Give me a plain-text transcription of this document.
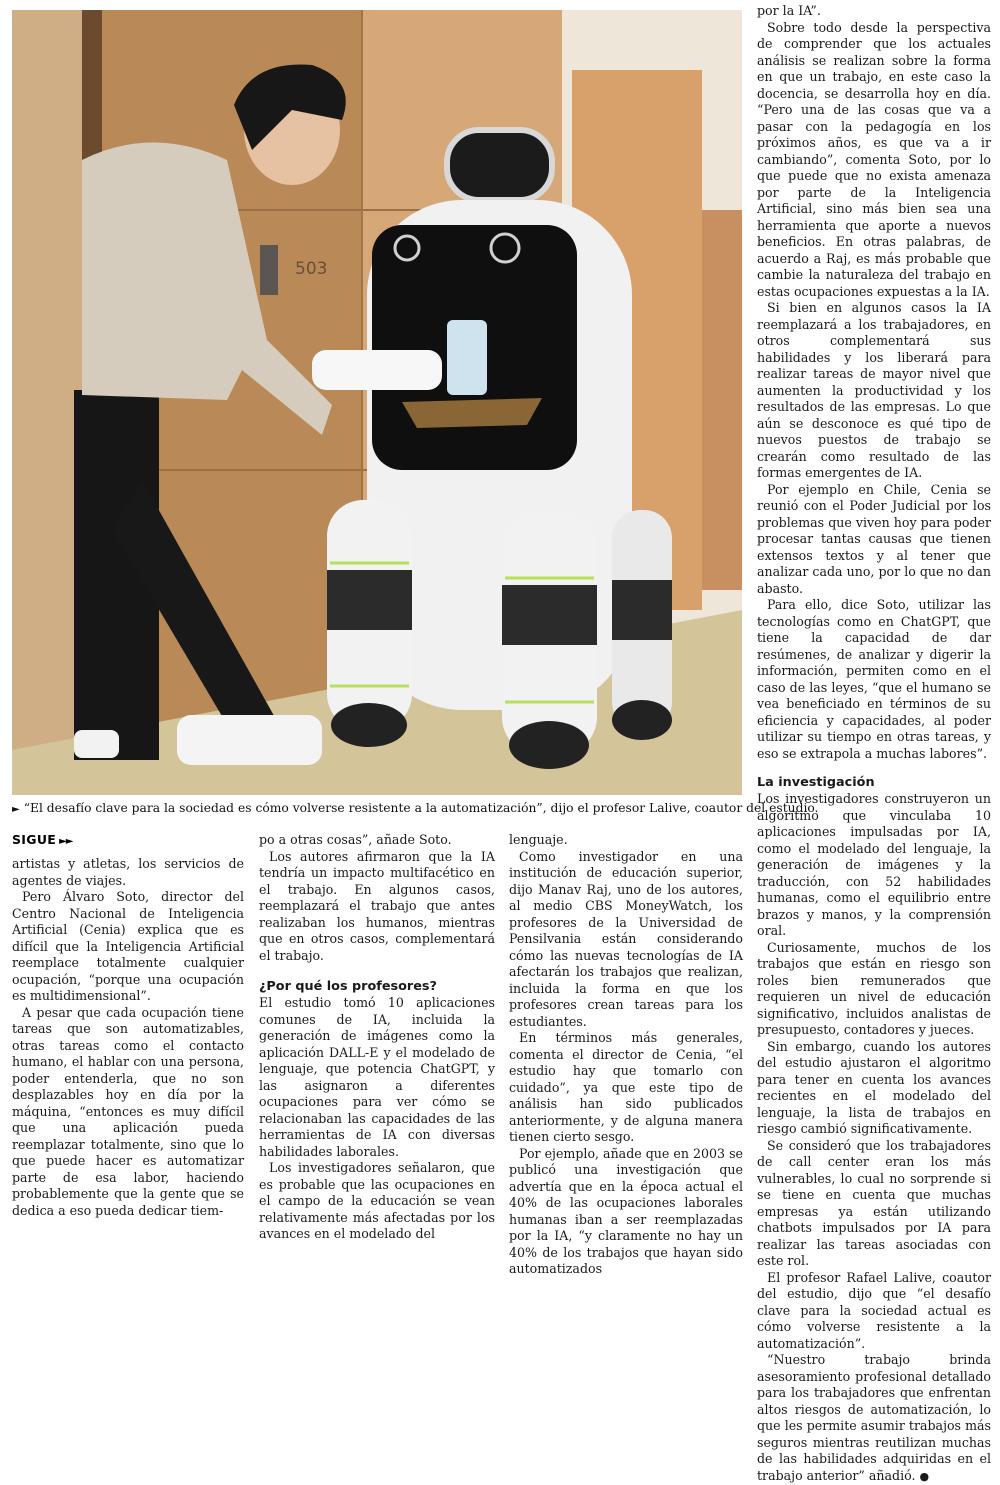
503
► “El desafío clave para la sociedad es cómo volverse resistente a la automatización”, dijo el profesor Lalive, coautor del estudio.
SIGUE ►►

artistas y atletas, los servicios de agentes de viajes.

Pero Álvaro Soto, director del Centro Nacional de Inteligencia Artificial (Cenia) explica que es difícil que la Inteligencia Artificial reemplace totalmente cualquier ocupación, “porque una ocupación es multidimensional”.

A pesar que cada ocupación tiene tareas que son automatizables, otras tareas como el contacto humano, el hablar con una persona, poder entenderla, que no son desplazables hoy en día por la máquina, “entonces es muy difícil que una aplicación pueda reemplazar totalmente, sino que lo que puede hacer es automatizar parte de esa labor, haciendo probablemente que la gente que se dedica a eso pueda dedicar tiem-

po a otras cosas”, añade Soto.

Los autores afirmaron que la IA tendría un impacto multifacético en el trabajo. En algunos casos, reemplazará el trabajo que antes realizaban los humanos, mientras que en otros casos, complementará el trabajo.

¿Por qué los profesores?

El estudio tomó 10 aplicaciones comunes de IA, incluida la generación de imágenes como la aplicación DALL-E y el modelado de lenguaje, que potencia ChatGPT, y las asignaron a diferentes ocupaciones para ver cómo se relacionaban las capacidades de las herramientas de IA con diversas habilidades laborales.

Los investigadores señalaron, que es probable que las ocupaciones en el campo de la educación se vean relativamente más afectadas por los avances en el modelado del

lenguaje.

Como investigador en una institución de educación superior, dijo Manav Raj, uno de los autores, al medio CBS MoneyWatch, los profesores de la Universidad de Pensilvania están considerando cómo las nuevas tecnologías de IA afectarán los trabajos que realizan, incluida la forma en que los profesores crean tareas para los estudiantes.

En términos más generales, comenta el director de Cenia, “el estudio hay que tomarlo con cuidado”, ya que este tipo de análisis han sido publicados anteriormente, y de alguna manera tienen cierto sesgo.

Por ejemplo, añade que en 2003 se publicó una investigación que advertía que en la época actual el 40% de las ocupaciones laborales humanas iban a ser reemplazadas por la IA, “y claramente no hay un 40% de los trabajos que hayan sido automatizados

por la IA”.

Sobre todo desde la perspectiva de comprender que los actuales análisis se realizan sobre la forma en que un trabajo, en este caso la docencia, se desarrolla hoy en día. “Pero una de las cosas que va a pasar con la pedagogía en los próximos años, es que va a ir cambiando”, comenta Soto, por lo que puede que no exista amenaza por parte de la Inteligencia Artificial, sino más bien sea una herramienta que aporte a nuevos beneficios. En otras palabras, de acuerdo a Raj, es más probable que cambie la naturaleza del trabajo en estas ocupaciones expuestas a la IA.

Si bien en algunos casos la IA reemplazará a los trabajadores, en otros complementará sus habilidades y los liberará para realizar tareas de mayor nivel que aumenten la productividad y los resultados de las empresas. Lo que aún se desconoce es qué tipo de nuevos puestos de trabajo se crearán como resultado de las formas emergentes de IA.

Por ejemplo en Chile, Cenia se reunió con el Poder Judicial por los problemas que viven hoy para poder procesar tantas causas que tienen extensos textos y al tener que analizar cada uno, por lo que no dan abasto.

Para ello, dice Soto, utilizar las tecnologías como en ChatGPT, que tiene la capacidad de dar resúmenes, de analizar y digerir la información, permiten como en el caso de las leyes, “que el humano se vea beneficiado en términos de su eficiencia y capacidades, al poder utilizar su tiempo en otras tareas, y eso se extrapola a muchas labores”.

La investigación

Los investigadores construyeron un algoritmo que vinculaba 10 aplicaciones impulsadas por IA, como el modelado del lenguaje, la generación de imágenes y la traducción, con 52 habilidades humanas, como el equilibrio entre brazos y manos, y la comprensión oral.

Curiosamente, muchos de los trabajos que están en riesgo son roles bien remunerados que requieren un nivel de educación significativo, incluidos analistas de presupuesto, contadores y jueces.

Sin embargo, cuando los autores del estudio ajustaron el algoritmo para tener en cuenta los avances recientes en el modelado del lenguaje, la lista de trabajos en riesgo cambió significativamente.

Se consideró que los trabajadores de call center eran los más vulnerables, lo cual no sorprende si se tiene en cuenta que muchas empresas ya están utilizando chatbots impulsados por IA para realizar las tareas asociadas con este rol.

El profesor Rafael Lalive, coautor del estudio, dijo que “el desafío clave para la sociedad actual es cómo volverse resistente a la automatización”.

“Nuestro trabajo brinda asesoramiento profesional detallado para los trabajadores que enfrentan altos riesgos de automatización, lo que les permite asumir trabajos más seguros mientras reutilizan muchas de las habilidades adquiridas en el trabajo anterior” añadió. ●
